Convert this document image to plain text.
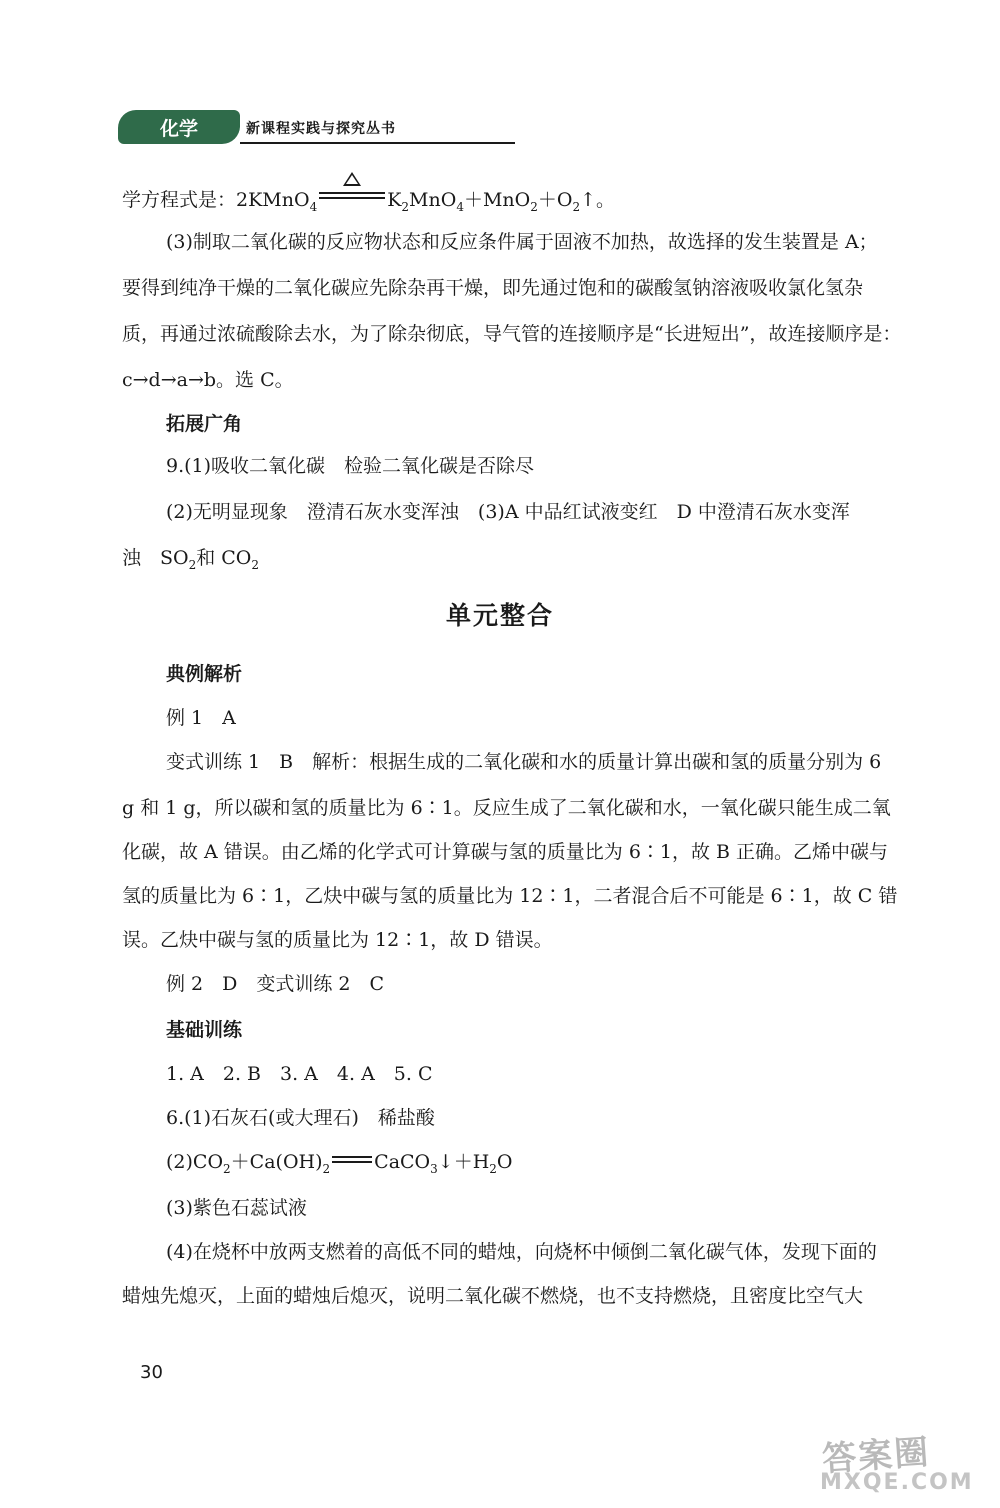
化学	新课程实践与探究丛书
学方程式是：2KMnO$_4$	$K_2MnO_4+MnO_2+O_2↑$。
(3)制取二氧化碳的反应物状态和反应条件属于固液不加热，故选择的发生装置是 A；
要得到纯净干燥的二氧化碳应先除杂再干燥，即先通过饱和的碳酸氢钠溶液吸收氯化氢杂
质，再通过浓硫酸除去水，为了除杂彻底，导气管的连接顺序是“长进短出”，故连接顺序是：
c→d→a→b。选 C。
拓展广角
9.(1)吸收二氧化碳　检验二氧化碳是否除尽
(2)无明显现象　澄清石灰水变浑浊　(3)A 中品红试液变红　D 中澄清石灰水变浑
浊　$SO_2$和 $CO_2$
单元整合
典例解析
例 1　A
变式训练 1　B　解析：根据生成的二氧化碳和水的质量计算出碳和氢的质量分别为 6
g 和 1 g，所以碳和氢的质量比为 6∶1。反应生成了二氧化碳和水，一氧化碳只能生成二氧
化碳，故 A 错误。由乙烯的化学式可计算碳与氢的质量比为 6∶1，故 B 正确。乙烯中碳与
氢的质量比为 6∶1，乙炔中碳与氢的质量比为 12∶1，二者混合后不可能是 6∶1，故 C 错
误。乙炔中碳与氢的质量比为 12∶1，故 D 错误。
例 2　D　变式训练 2　C
基础训练
1. A　2. B　3. A　4. A　5. C
6.(1)石灰石(或大理石)　稀盐酸
$(2)CO_2+Ca(OH)_2$ $CaCO_3↓+H_2O$
(3)紫色石蕊试液
(4)在烧杯中放两支燃着的高低不同的蜡烛，向烧杯中倾倒二氧化碳气体，发现下面的
蜡烛先熄灭，上面的蜡烛后熄灭，说明二氧化碳不燃烧，也不支持燃烧，且密度比空气大
30
答案圈
MXQE.COM
